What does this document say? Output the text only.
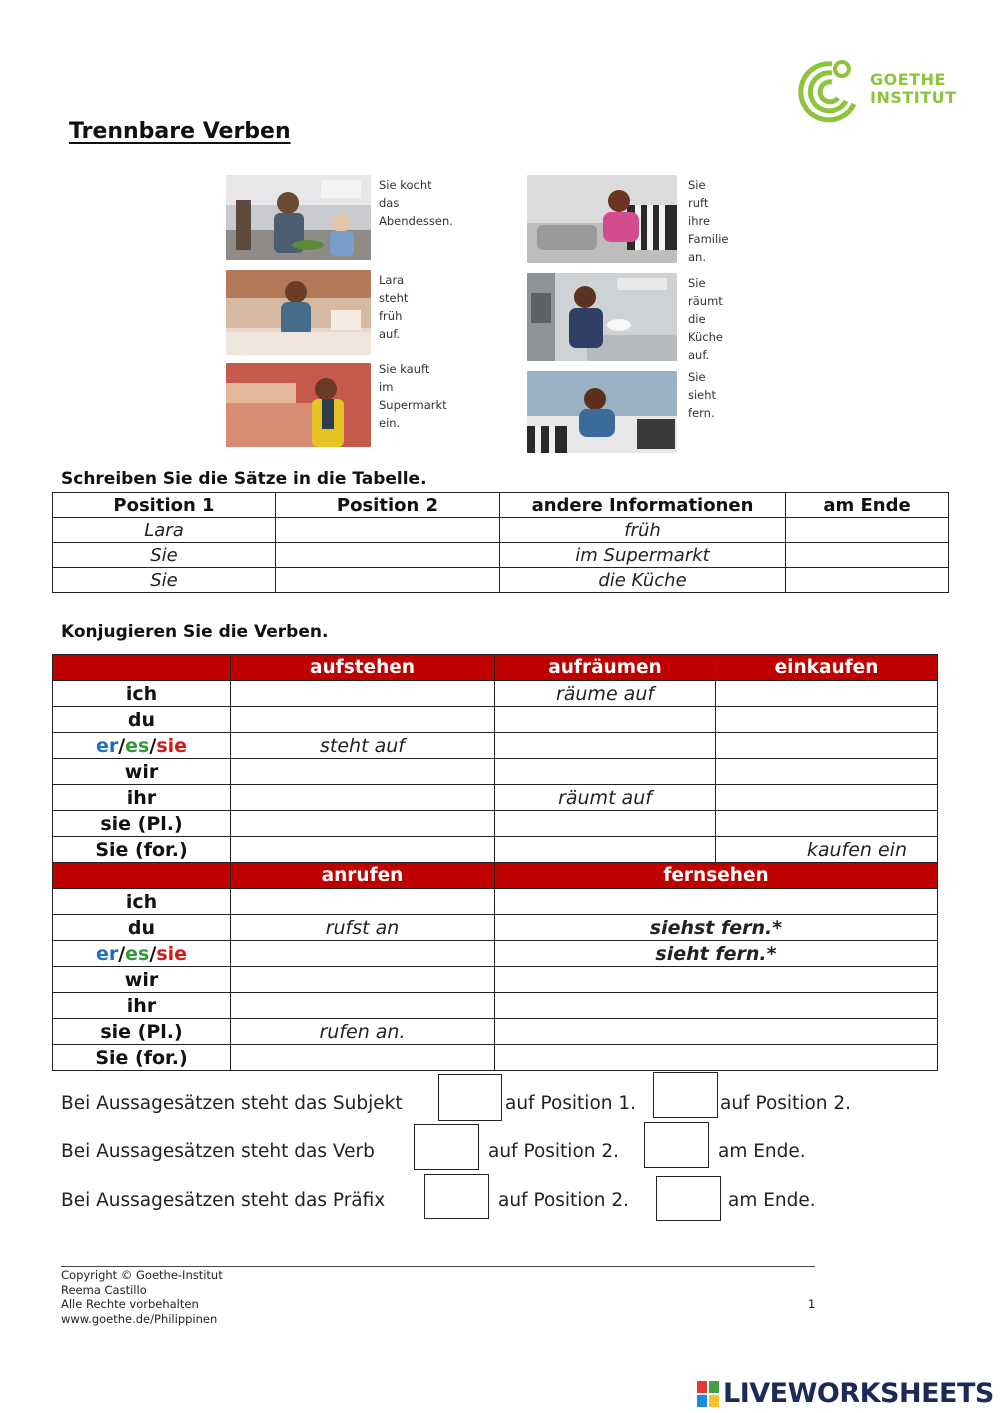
GOETHE
INSTITUT
Trennbare Verben
Sie kocht das
Abendessen.
Lara steht
früh auf.
Sie kauft im
Supermarkt ein.
Sie ruft ihre
Familie an.
Sie räumt die
Küche auf.
Sie sieht fern.
Schreiben Sie die Sätze in die Tabelle.
Position 1	Position 2	andere Informationen	am Ende
Lara		früh	
Sie		im Supermarkt	
Sie		die Küche	
Konjugieren Sie die Verben.
	aufstehen	aufräumen	einkaufen
ich		räume auf	
du			
er/es/sie	steht auf		
wir			
ihr		räumt auf	
sie (Pl.)			
Sie (for.)			kaufen ein
	anrufen	fernsehen	
ich			
du	rufst an	siehst fern.*	
er/es/sie		sieht fern.*	
wir			
ihr			
sie (Pl.)	rufen an.		
Sie (for.)			
Bei Aussagesätzen steht das Subjekt	auf Position 1.	auf Position 2.
Bei Aussagesätzen steht das Verb	auf Position 2.	am Ende.
Bei Aussagesätzen steht das Präfix	auf Position 2.	am Ende.
Copyright © Goethe-Institut
Reema Castillo
Alle Rechte vorbehalten
www.goethe.de/Philippinen
1
LIVEWORKSHEETS
